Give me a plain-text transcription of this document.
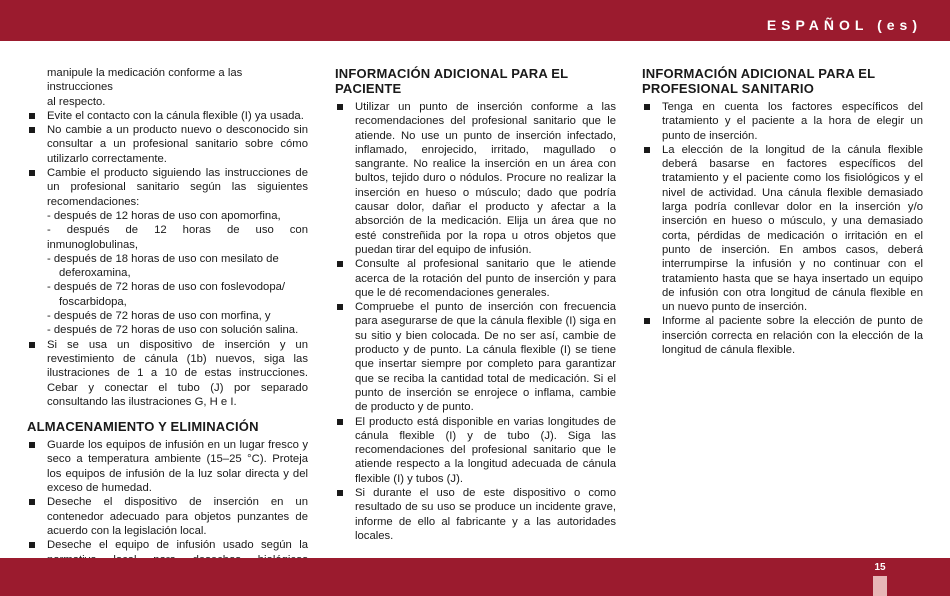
ESPAÑOL (es)
manipule la medicación conforme a las instrucciones
al respecto.
Evite el contacto con la cánula flexible (I) ya usada.
No cambie a un producto nuevo o desconocido sin consultar a un profesional sanitario sobre cómo utilizarlo correctamente.
Cambie el producto siguiendo las instrucciones de un profesional sanitario según las siguientes recomendaciones:
- después de 12 horas de uso con apomorfina,
- después de 12 horas de uso con inmunoglobulinas,
- después de 18 horas de uso con mesilato de
deferoxamina,
- después de 72 horas de uso con foslevodopa/
foscarbidopa,
- después de 72 horas de uso con morfina, y
- después de 72 horas de uso con solución salina.
Si se usa un dispositivo de inserción y un revestimiento de cánula (1b) nuevos, siga las ilustraciones de 1 a 10 de estas instrucciones. Cebar y conectar el tubo (J) por separado consultando las ilustraciones G, H e I.
ALMACENAMIENTO Y ELIMINACIÓN
Guarde los equipos de infusión en un lugar fresco y seco a temperatura ambiente (15–25 °C). Proteja los equipos de infusión de la luz solar directa y del exceso de humedad.
Deseche el dispositivo de inserción en un contenedor adecuado para objetos punzantes de acuerdo con la legislación local.
Deseche el equipo de infusión usado según la
INFORMACIÓN ADICIONAL PARA EL PACIENTE
Utilizar un punto de inserción conforme a las recomendaciones del profesional sanitario que le atiende. No use un punto de inserción infectado, inflamado, enrojecido, irritado, magullado o sangrante. No realice la inserción en un área con bultos, tejido duro o nódulos. Procure no realizar la inserción en hueso o músculo; dado que podría causar dolor, dañar el producto y afectar a la absorción de la medicación. Elija un área que no esté constreñida por la ropa u otros objetos que puedan tirar del equipo de infusión.
Consulte al profesional sanitario que le atiende acerca de la rotación del punto de inserción y para que le dé recomendaciones generales.
Compruebe el punto de inserción con frecuencia para asegurarse de que la cánula flexible (I) siga en su sitio y bien colocada. De no ser así, cambie de producto y de punto. La cánula flexible (I) se tiene que insertar siempre por completo para garantizar que se reciba la cantidad total de medicación. Si el punto de inserción se enrojece o inflama, cambie de producto y de punto.
El producto está disponible en varias longitudes de cánula flexible (I) y de tubo (J). Siga las recomendaciones del profesional sanitario que le atiende respecto a la longitud adecuada de cánula flexible (I) y tubos (J).
Si durante el uso de este dispositivo o como resultado de su uso se produce un incidente grave, informe de ello al fabricante y a las autoridades locales.
INFORMACIÓN ADICIONAL PARA EL PROFESIONAL SANITARIO
Tenga en cuenta los factores específicos del tratamiento y el paciente a la hora de elegir un punto de inserción.
La elección de la longitud de la cánula flexible deberá basarse en factores específicos del tratamiento y el paciente como los fisiológicos y el nivel de actividad. Una cánula flexible demasiado larga podría conllevar dolor en la inserción y/o inserción en hueso o músculo, y una demasiado corta, pérdidas de medicación o irritación en el punto de inserción. En ambos casos, deberá interrumpirse la infusión y no continuar con el tratamiento hasta que se haya insertado un equipo de infusión con otra longitud de cánula flexible en un nuevo punto de inserción.
Informe al paciente sobre la elección de punto de inserción correcta en relación con la elección de la longitud de cánula flexible.
15
